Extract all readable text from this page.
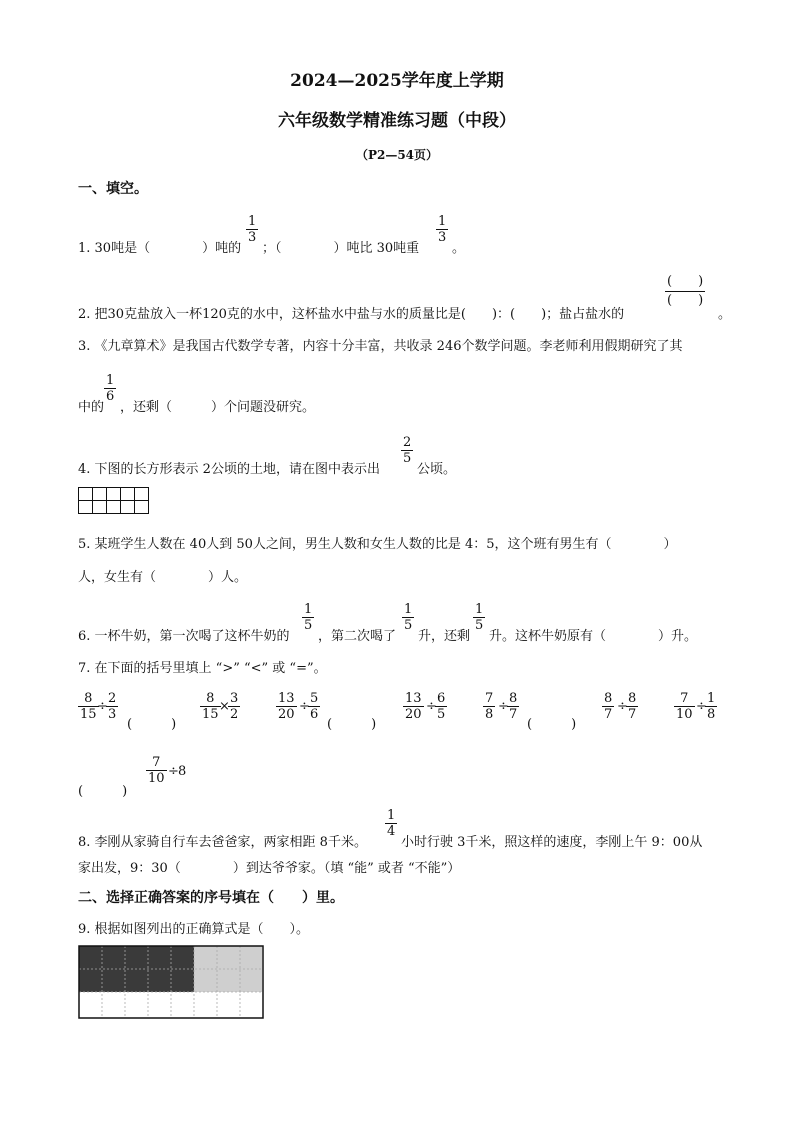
2024—2025学年度上学期
六年级数学精准练习题（中段）
（P2—54页）
一、填空。
1. 30吨是（　　　　）吨的
$\frac{1}{3}$
；（　　　　）吨比 30吨重
$\frac{1}{3}$
。
2. 把30克盐放入一杯120克的水中，这杯盐水中盐与水的质量比是(　　)：(　　)；盐占盐水的
(　　)
(　　)
。
3. 《九章算术》是我国古代数学专著，内容十分丰富，共收录 246个数学问题。李老师利用假期研究了其
中的
$\frac{1}{6}$
，还剩（　　　）个问题没研究。
4. 下图的长方形表示 2公顷的土地，请在图中表示出
$\frac{2}{5}$
公顷。

5. 某班学生人数在 40人到 50人之间，男生人数和女生人数的比是 4：5，这个班有男生有（　　　　）
人，女生有（　　　　）人。
6. 一杯牛奶，第一次喝了这杯牛奶的
$\frac{1}{5}$
，第二次喝了
$\frac{1}{5}$
升，还剩
$\frac{1}{5}$
升。这杯牛奶原有（　　　　）升。
7. 在下面的括号里填上 “>” “<” 或 “=”。
$\frac{8}{15}$
÷
$\frac{2}{3}$
(　　　)
$\frac{8}{15}$
×
$\frac{3}{2}$	$\frac{13}{20}$ ÷
$\frac{5}{6}$
(　　　)
$\frac{13}{20}$ ÷
$\frac{6}{5}$	$\frac{7}{8}$ ÷
$\frac{8}{7}$
(　　　)
$\frac{8}{7}$ ÷
$\frac{8}{7}$	$\frac{7}{10}$ ÷
$\frac{1}{8}$
(　　　)
$\frac{7}{10} \div 8$
8. 李刚从家骑自行车去爸爸家，两家相距 8千米。
$\frac{1}{4}$
小时行驶 3千米，照这样的速度，李刚上午 9：00从
家出发，9：30（　　　　）到达爷爷家。（填 “能” 或者 “不能”）
二、选择正确答案的序号填在（　　）里。
9. 根据如图列出的正确算式是（　　）。
